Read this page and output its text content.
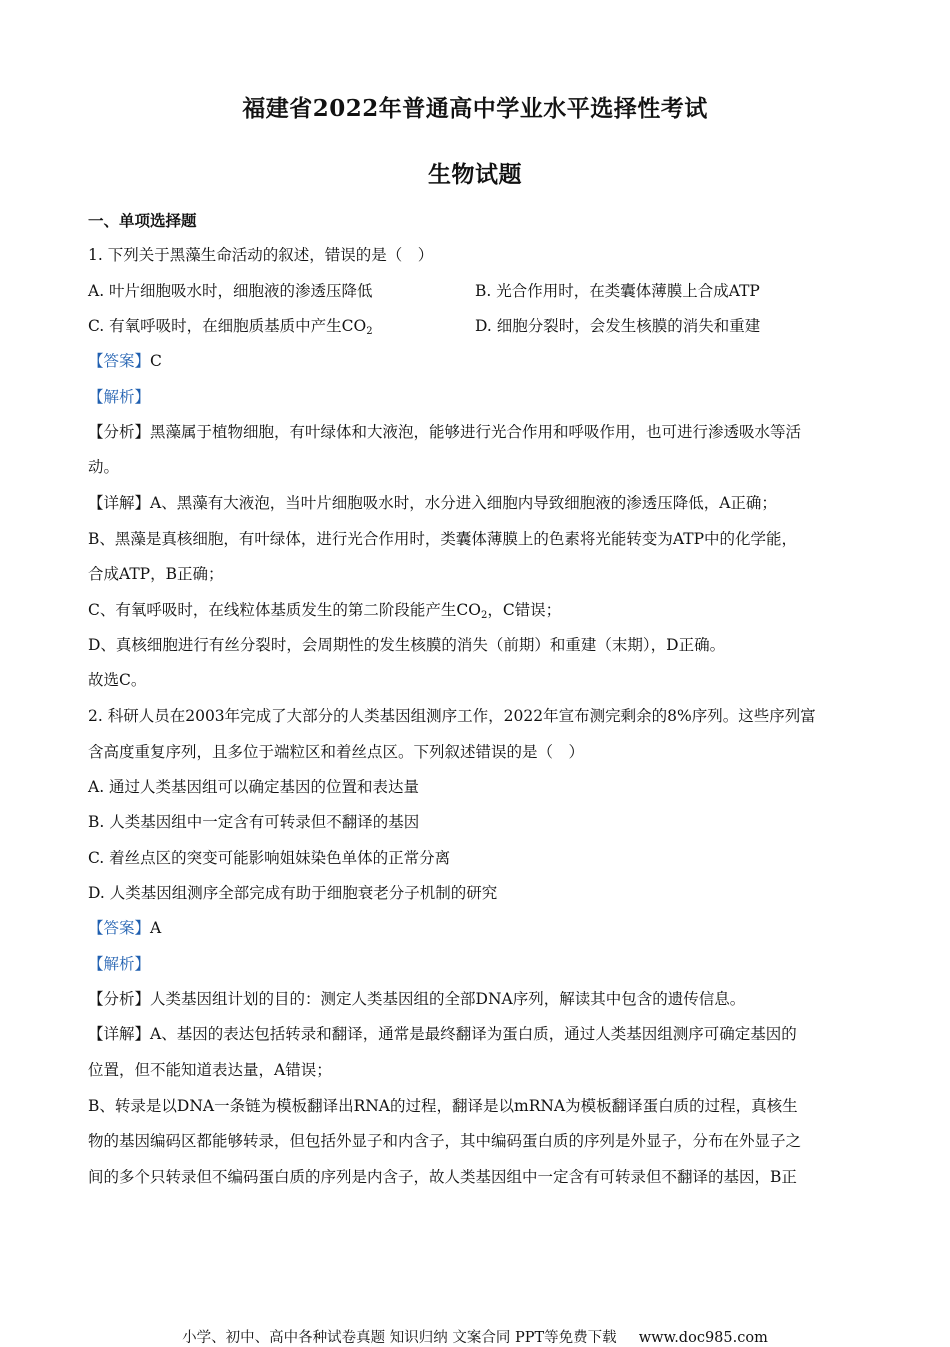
福建省2022年普通高中学业水平选择性考试
生物试题
一、单项选择题
1. 下列关于黑藻生命活动的叙述，错误的是（　）
A. 叶片细胞吸水时，细胞液的渗透压降低	B. 光合作用时，在类囊体薄膜上合成ATP
C. 有氧呼吸时，在细胞质基质中产生$CO_2$	D. 细胞分裂时，会发生核膜的消失和重建
【答案】C
【解析】
【分析】黑藻属于植物细胞，有叶绿体和大液泡，能够进行光合作用和呼吸作用，也可进行渗透吸水等活
动。
【详解】A、黑藻有大液泡，当叶片细胞吸水时，水分进入细胞内导致细胞液的渗透压降低，A正确；
B、黑藻是真核细胞，有叶绿体，进行光合作用时，类囊体薄膜上的色素将光能转变为ATP中的化学能，
合成ATP，B正确；
C、有氧呼吸时，在线粒体基质发生的第二阶段能产生$CO_2$，C错误；
D、真核细胞进行有丝分裂时，会周期性的发生核膜的消失（前期）和重建（末期），D正确。
故选C。
2. 科研人员在2003年完成了大部分的人类基因组测序工作，2022年宣布测完剩余的8%序列。这些序列富
含高度重复序列，且多位于端粒区和着丝点区。下列叙述错误的是（　）
A. 通过人类基因组可以确定基因的位置和表达量
B. 人类基因组中一定含有可转录但不翻译的基因
C. 着丝点区的突变可能影响姐妹染色单体的正常分离
D. 人类基因组测序全部完成有助于细胞衰老分子机制的研究
【答案】A
【解析】
【分析】人类基因组计划的目的：测定人类基因组的全部DNA序列，解读其中包含的遗传信息。
【详解】A、基因的表达包括转录和翻译，通常是最终翻译为蛋白质，通过人类基因组测序可确定基因的
位置，但不能知道表达量，A错误；
B、转录是以DNA一条链为模板翻译出RNA的过程，翻译是以mRNA为模板翻译蛋白质的过程，真核生
物的基因编码区都能够转录，但包括外显子和内含子，其中编码蛋白质的序列是外显子，分布在外显子之
间的多个只转录但不编码蛋白质的序列是内含子，故人类基因组中一定含有可转录但不翻译的基因，B正
小学、初中、高中各种试卷真题 知识归纳 文案合同 PPT等免费下载 www.doc985.com
